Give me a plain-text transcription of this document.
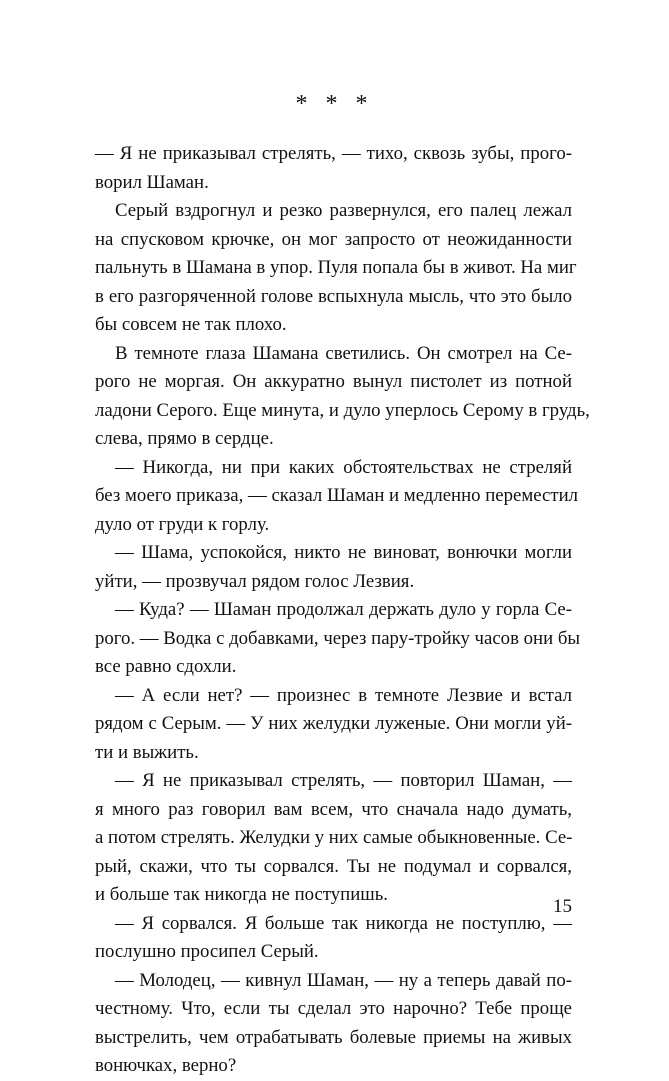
* * *
— Я не приказывал стрелять, — тихо, сквозь зубы, прого-
ворил Шаман.
Серый вздрогнул и резко развернулся, его палец лежал
на спусковом крючке, он мог запросто от неожиданности
пальнуть в Шамана в упор. Пуля попала бы в живот. На миг
в его разгоряченной голове вспыхнула мысль, что это было
бы совсем не так плохо.
В темноте глаза Шамана светились. Он смотрел на Се-
рого не моргая. Он аккуратно вынул пистолет из потной
ладони Серого. Еще минута, и дуло уперлось Серому в грудь,
слева, прямо в сердце.
— Никогда, ни при каких обстоятельствах не стреляй
без моего приказа, — сказал Шаман и медленно переместил
дуло от груди к горлу.
— Шама, успокойся, никто не виноват, вонючки могли
уйти, — прозвучал рядом голос Лезвия.
— Куда? — Шаман продолжал держать дуло у горла Се-
рого. — Водка с добавками, через пару-тройку часов они бы
все равно сдохли.
— А если нет? — произнес в темноте Лезвие и встал
рядом с Серым. — У них желудки луженые. Они могли уй-
ти и выжить.
— Я не приказывал стрелять, — повторил Шаман, —
я много раз говорил вам всем, что сначала надо думать,
а потом стрелять. Желудки у них самые обыкновенные. Се-
рый, скажи, что ты сорвался. Ты не подумал и сорвался,
и больше так никогда не поступишь.
— Я сорвался. Я больше так никогда не поступлю, —
послушно просипел Серый.
— Молодец, — кивнул Шаман, — ну а теперь давай по-
честному. Что, если ты сделал это нарочно? Тебе проще
выстрелить, чем отрабатывать болевые приемы на живых
вонючках, верно?
15
